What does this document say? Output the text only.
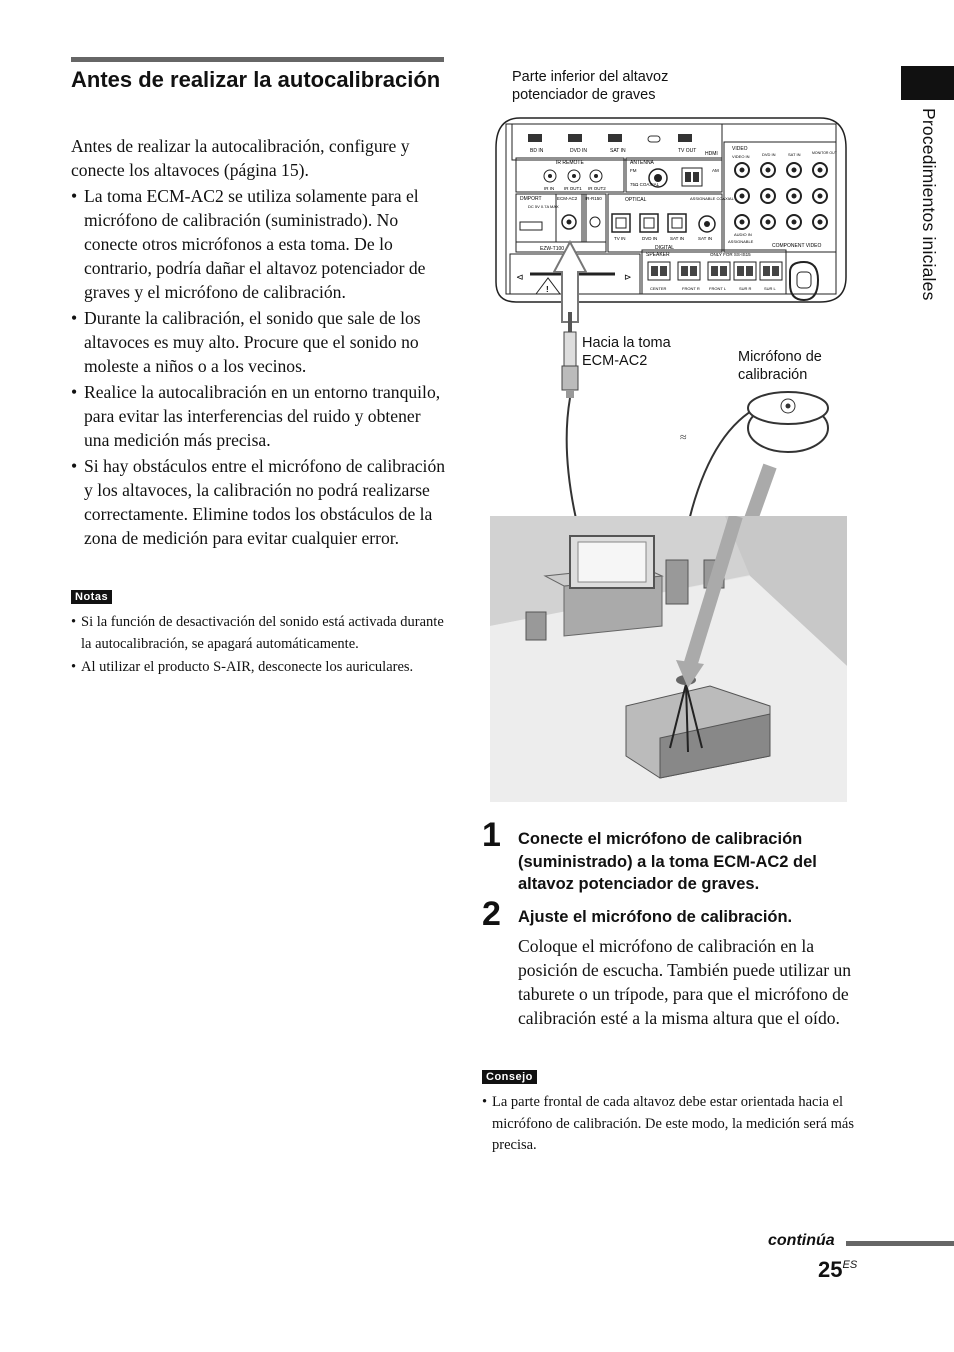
Antes de realizar la autocalibración

Antes de realizar la autocalibración, configure y conecte los altavoces (página 15).

• La toma ECM-AC2 se utiliza solamente para el micrófono de calibración (suministrado). No conecte otros micrófonos a esta toma. De lo contrario, podría dañar el altavoz potenciador de graves y el micrófono de calibración.
• Durante la calibración, el sonido que sale de los altavoces es muy alto. Procure que el sonido no moleste a niños o a los vecinos.
• Realice la autocalibración en un entorno tranquilo, para evitar las interferencias del ruido y obtener una medición más precisa.
• Si hay obstáculos entre el micrófono de calibración y los altavoces, la calibración no podrá realizarse correctamente. Elimine todos los obstáculos de la zona de medición para evitar cualquier error.
Notas
• Si la función de desactivación del sonido está activada durante la autocalibración, se apagará automáticamente.
• Al utilizar el producto S-AIR, desconecte los auriculares.
Procedimientos iniciales
Parte inferior del altavoz
potenciador de graves
BD IN	DVD IN	SAT IN	TV OUT HDMI
IR REMOTE
IR IN IR OUT1 IR OUT2
ANTENNA
FM
75Ω COAXIAL
AM
DMPORT
DC 5V 0.7A MAX
ECM-AC2 IR-R150
EZW-T100
OPTICAL	ASSIGNABLE COAXIAL
TV IN	DVD IN	SAT IN	SAT IN
DIGITAL
VIDEO
VIDEO IN	DVD IN	SAT IN	MONITOR OUT
AUDIO IN
ASSIGNABLE
COMPONENT VIDEO
!
⊲	⊳
SPEAKER	ONLY FOR SS-IS15
CENTER	FRONT R FRONT L	SUR R	SUR L
≈
Hacia la toma
ECM-AC2	Micrófono de
calibración
1 Conecte el micrófono de calibración (suministrado) a la toma ECM-AC2 del altavoz potenciador de graves.
2 Ajuste el micrófono de calibración.

Coloque el micrófono de calibración en la posición de escucha. También puede utilizar un taburete o un trípode, para que el micrófono de calibración esté a la misma altura que el oído.

Consejo
• La parte frontal de cada altavoz debe estar orientada hacia el micrófono de calibración. De este modo, la medición será más precisa.
continúa
$25^{ES}$
